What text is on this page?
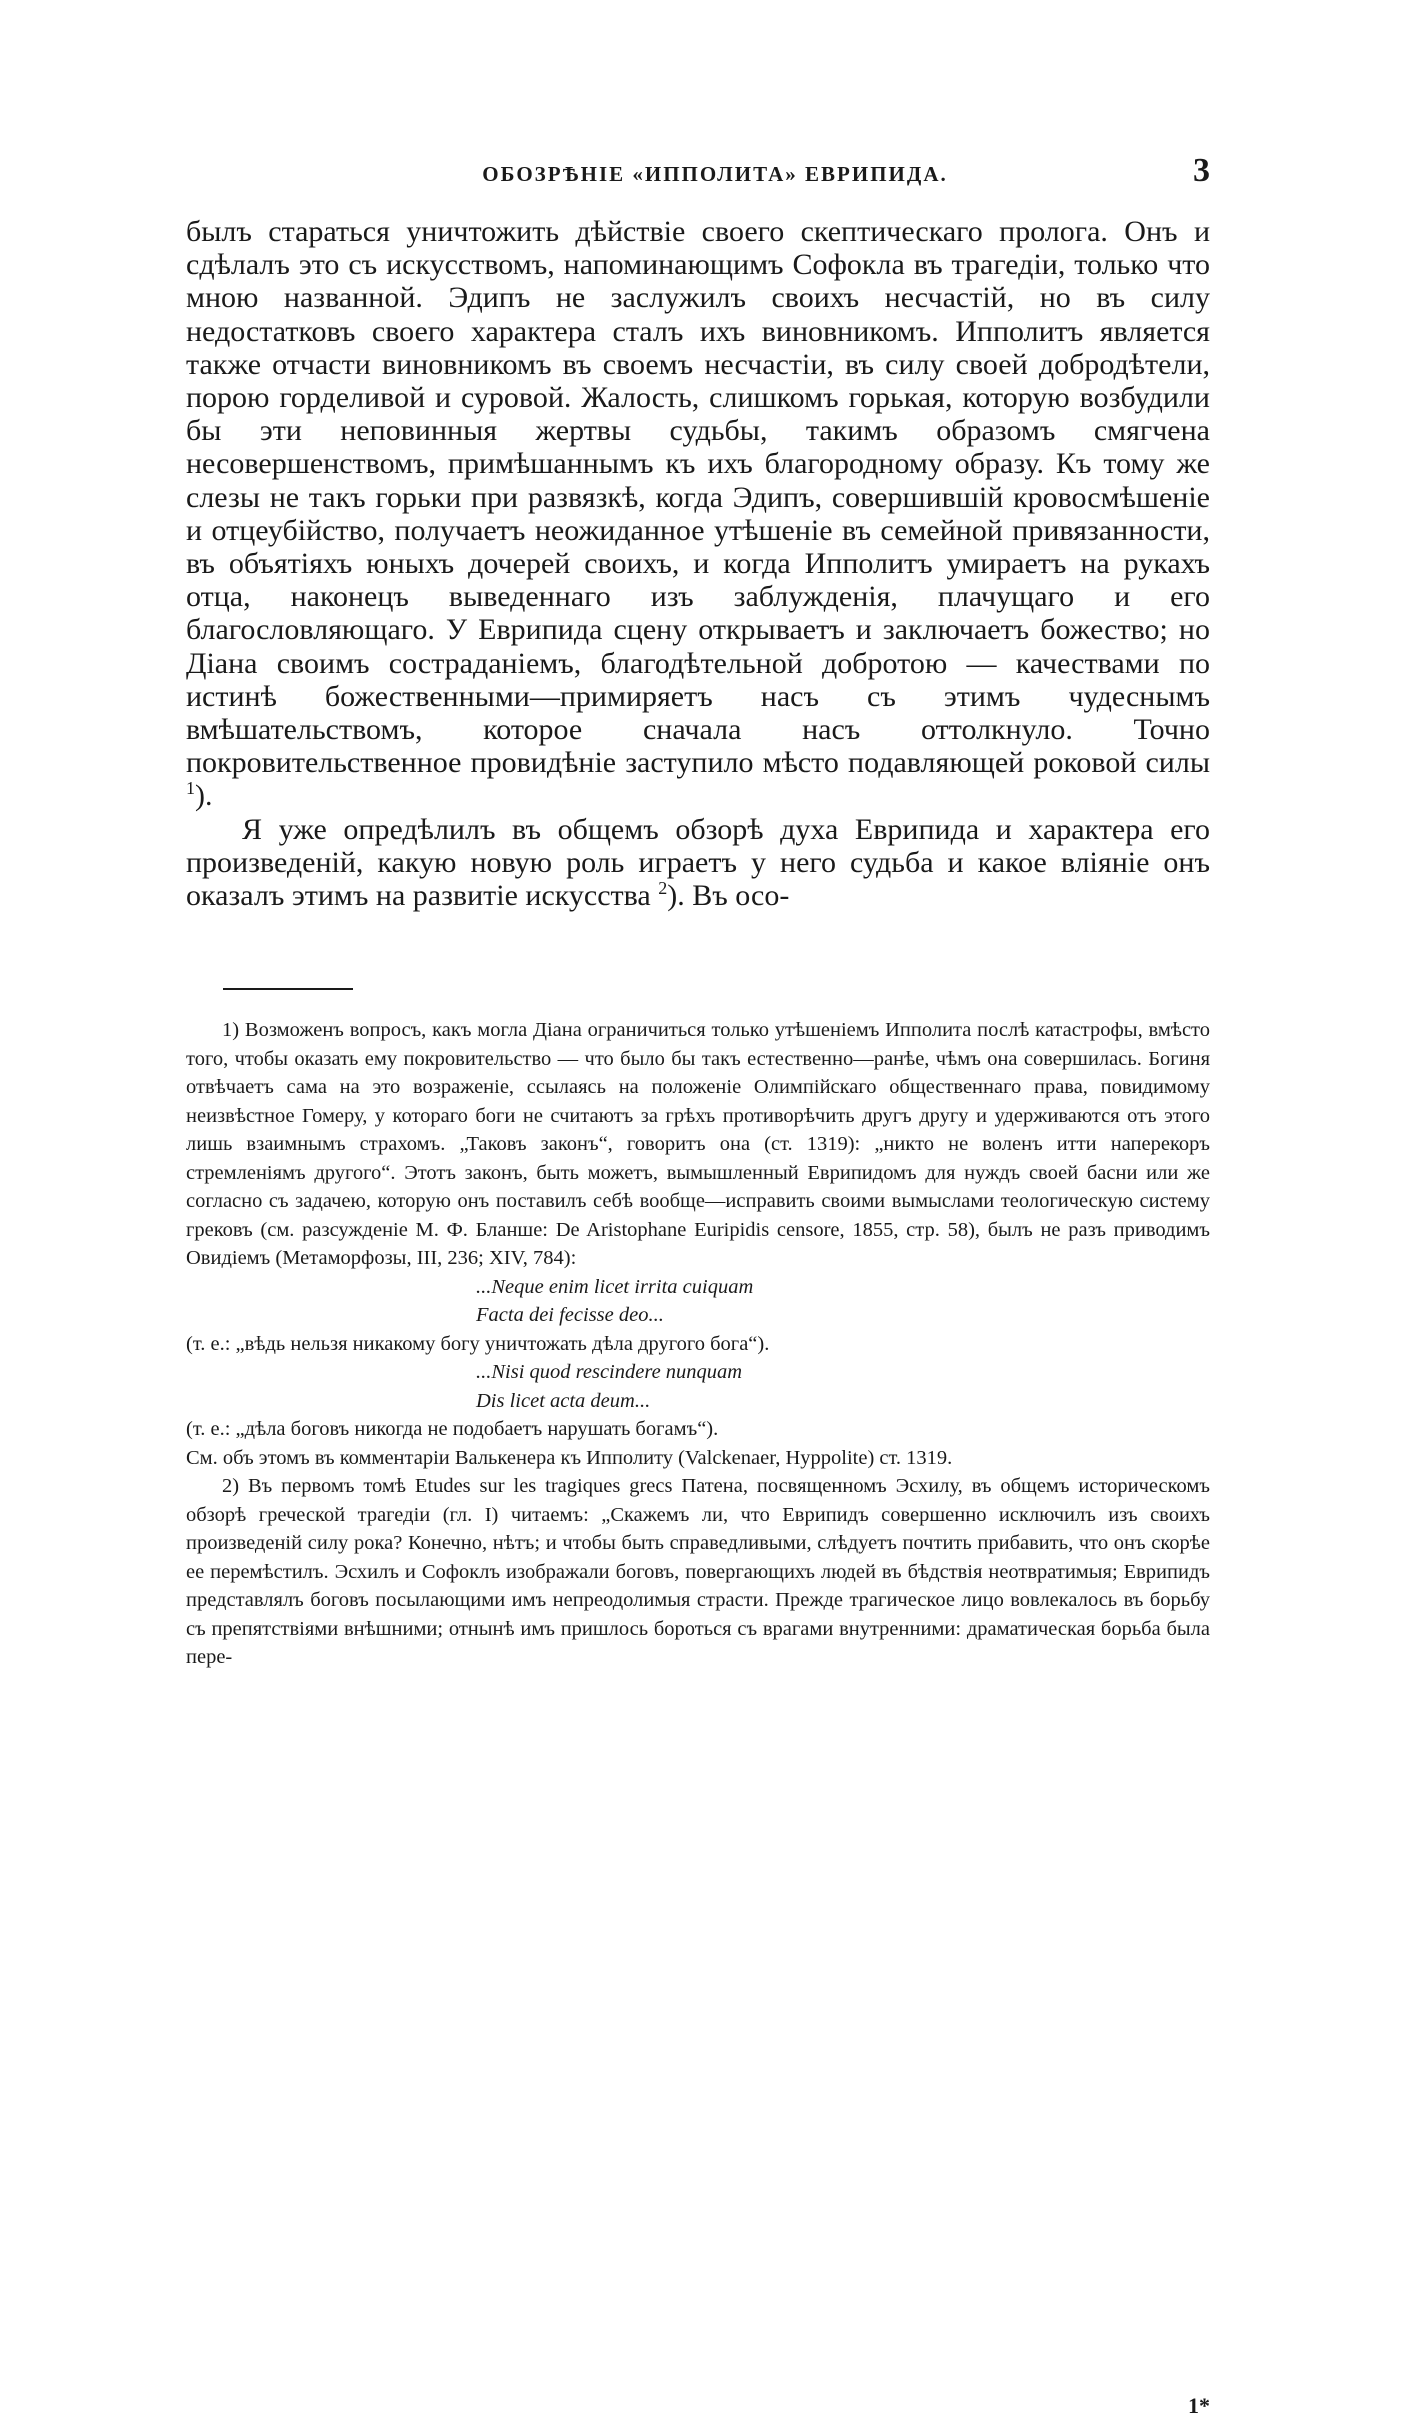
ОБОЗРѢНІЕ «ИППОЛИТА» ЕВРИПИДА.	3

былъ стараться уничтожить дѣйствіе своего скептическаго пролога. Онъ и сдѣлалъ это съ искусствомъ, напоминающимъ Софокла въ трагедіи, только что мною названной. Эдипъ не заслужилъ своихъ несчастій, но въ силу недостатковъ своего характера сталъ ихъ виновникомъ. Ипполитъ является также отчасти виновникомъ въ своемъ несчастіи, въ силу своей добродѣтели, порою горделивой и суровой. Жалость, слишкомъ горькая, которую возбудили бы эти неповинныя жертвы судьбы, такимъ образомъ смягчена несовершенствомъ, примѣшаннымъ къ ихъ благородному образу. Къ тому же слезы не такъ горьки при развязкѣ, когда Эдипъ, совершившій кровосмѣшеніе и отцеубійство, получаетъ неожиданное утѣшеніе въ семейной привязанности, въ объятіяхъ юныхъ дочерей своихъ, и когда Ипполитъ умираетъ на рукахъ отца, наконецъ выведеннаго изъ заблужденія, плачущаго и его благословляющаго. У Еврипида сцену открываетъ и заключаетъ божество; но Діана своимъ состраданіемъ, благодѣтельной добротою — качествами по истинѣ божественными—примиряетъ насъ съ этимъ чудеснымъ вмѣшательствомъ, которое сначала насъ оттолкнуло. Точно покровительственное провидѣніе заступило мѣсто подавляющей роковой силы $^1$).

Я уже опредѣлилъ въ общемъ обзорѣ духа Еврипида и характера его произведеній, какую новую роль играетъ у него судьба и какое вліяніе онъ оказалъ этимъ на развитіе искусства $^2$). Въ осо-

1) Возможенъ вопросъ, какъ могла Діана ограничиться только утѣшеніемъ Ипполита послѣ катастрофы, вмѣсто того, чтобы оказать ему покровительство — что было бы такъ естественно—ранѣе, чѣмъ она совершилась. Богиня отвѣчаетъ сама на это возраженіе, ссылаясь на положеніе Олимпійскаго общественнаго права, повидимому неизвѣстное Гомеру, у котораго боги не считаютъ за грѣхъ противорѣчить другъ другу и удерживаются отъ этого лишь взаимнымъ страхомъ. „Таковъ законъ“, говоритъ она (ст. 1319): „никто не воленъ итти наперекоръ стремленіямъ другого“. Этотъ законъ, быть можетъ, вымышленный Еврипидомъ для нуждъ своей басни или же согласно съ задачею, которую онъ поставилъ себѣ вообще—исправить своими вымыслами теологическую систему грековъ (см. разсужденіе М. Ф. Бланше: De Aristophane Euripidis censore, 1855, стр. 58), былъ не разъ приводимъ Овидіемъ (Метаморфозы, III, 236; XIV, 784):

...Neque enim licet irrita cuiquam
Facta dei fecisse deo...

(т. е.: „вѣдь нельзя никакому богу уничтожать дѣла другого бога“).

...Nisi quod rescindere nunquam
Dis licet acta deum...

(т. е.: „дѣла боговъ никогда не подобаетъ нарушать богамъ“).

См. объ этомъ въ комментаріи Валькенера къ Ипполиту (Valckenaer, Hyppolite) ст. 1319.

2) Въ первомъ томѣ Etudes sur les tragiques grecs Патена, посвященномъ Эсхилу, въ общемъ историческомъ обзорѣ греческой трагедіи (гл. I) читаемъ: „Скажемъ ли, что Еврипидъ совершенно исключилъ изъ своихъ произведеній силу рока? Конечно, нѣтъ; и чтобы быть справедливыми, слѣдуетъ почтить прибавить, что онъ скорѣе ее перемѣстилъ. Эсхилъ и Софоклъ изображали боговъ, повергающихъ людей въ бѣдствія неотвратимыя; Еврипидъ представлялъ боговъ посылающими имъ непреодолимыя страсти. Прежде трагическое лицо вовлекалось въ борьбу съ препятствіями внѣшними; отнынѣ имъ пришлось бороться съ врагами внутренними: драматическая борьба была пере-

1*
